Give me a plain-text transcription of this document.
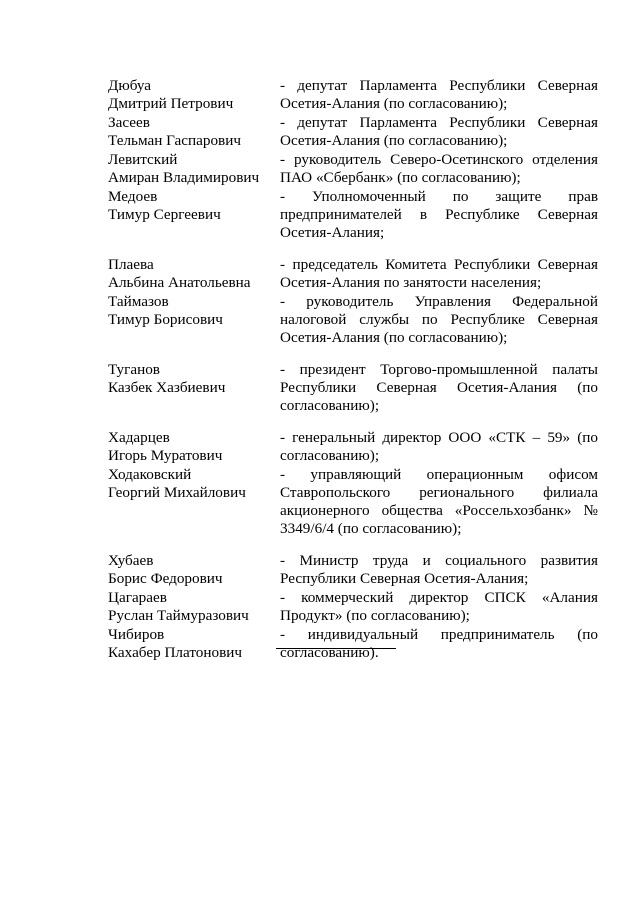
Дюбуа
Дмитрий Петрович
- депутат Парламента Республики Северная Осетия-Алания (по согласованию);
Засеев
Тельман Гаспарович
- депутат Парламента Республики Северная Осетия-Алания (по согласованию);
Левитский
Амиран Владимирович
- руководитель Северо-Осетинского отделения ПАО «Сбербанк» (по согласованию);
Медоев
Тимур Сергеевич
- Уполномоченный по защите прав предпринимателей в Республике Северная Осетия-Алания;
Плаева
Альбина Анатольевна
- председатель Комитета Республики Северная Осетия-Алания по занятости населения;
Таймазов
Тимур Борисович
- руководитель Управления Федеральной налоговой службы по Республике Северная Осетия-Алания (по согласованию);
Туганов
Казбек Хазбиевич
- президент Торгово-промышленной палаты Республики Северная Осетия-Алания (по согласованию);
Хадарцев
Игорь Муратович
- генеральный директор ООО «СТК – 59» (по согласованию);
Ходаковский
Георгий Михайлович
- управляющий операционным офисом Ставропольского регионального филиала акционерного общества «Россельхозбанк» № 3349/6/4 (по согласованию);
Хубаев
Борис Федорович
- Министр труда и социального развития Республики Северная Осетия-Алания;
Цагараев
Руслан Таймуразович
- коммерческий директор СПСК «Алания Продукт» (по согласованию);
Чибиров
Кахабер Платонович
- индивидуальный предприниматель (по согласованию).
